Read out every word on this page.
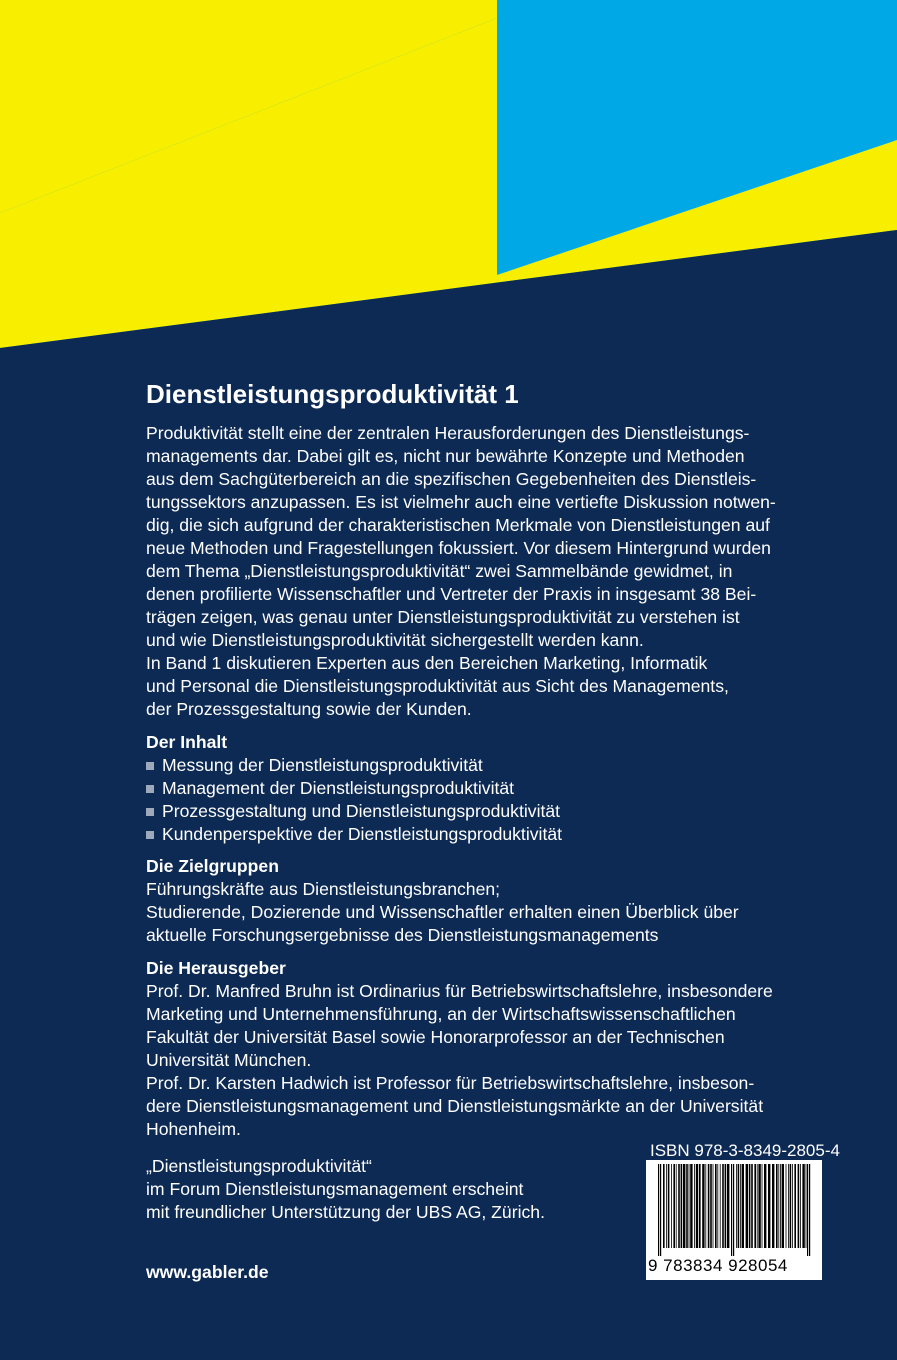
Dienstleistungsproduktivität 1

Produktivität stellt eine der zentralen Herausforderungen des Dienstleistungs-

managements dar. Dabei gilt es, nicht nur bewährte Konzepte und Methoden

aus dem Sachgüterbereich an die spezifischen Gegebenheiten des Dienstleis-

tungssektors anzupassen. Es ist vielmehr auch eine vertiefte Diskussion notwen-

dig, die sich aufgrund der charakteristischen Merkmale von Dienstleistungen auf

neue Methoden und Fragestellungen fokussiert. Vor diesem Hintergrund wurden

dem Thema „Dienstleistungsproduktivität“ zwei Sammelbände gewidmet, in

denen profilierte Wissenschaftler und Vertreter der Praxis in insgesamt 38 Bei-

trägen zeigen, was genau unter Dienstleistungsproduktivität zu verstehen ist

und wie Dienstleistungsproduktivität sichergestellt werden kann.

In Band 1 diskutieren Experten aus den Bereichen Marketing, Informatik

und Personal die Dienstleistungsproduktivität aus Sicht des Managements,

der Prozessgestaltung sowie der Kunden.

Der Inhalt
Messung der Dienstleistungsproduktivität
Management der Dienstleistungsproduktivität
Prozessgestaltung und Dienstleistungsproduktivität
Kundenperspektive der Dienstleistungsproduktivität
Die Zielgruppen

Führungskräfte aus Dienstleistungsbranchen;

Studierende, Dozierende und Wissenschaftler erhalten einen Überblick über

aktuelle Forschungsergebnisse des Dienstleistungsmanagements

Die Herausgeber

Prof. Dr. Manfred Bruhn ist Ordinarius für Betriebswirtschaftslehre, insbesondere

Marketing und Unternehmensführung, an der Wirtschaftswissenschaftlichen

Fakultät der Universität Basel sowie Honorarprofessor an der Technischen

Universität München.

Prof. Dr. Karsten Hadwich ist Professor für Betriebswirtschaftslehre, insbeson-

dere Dienstleistungsmanagement und Dienstleistungsmärkte an der Universität

Hohenheim.

„Dienstleistungsproduktivität“

im Forum Dienstleistungsmanagement erscheint

mit freundlicher Unterstützung der UBS AG, Zürich.

www.gabler.de
ISBN 978-3-8349-2805-4
9 783834 928054
